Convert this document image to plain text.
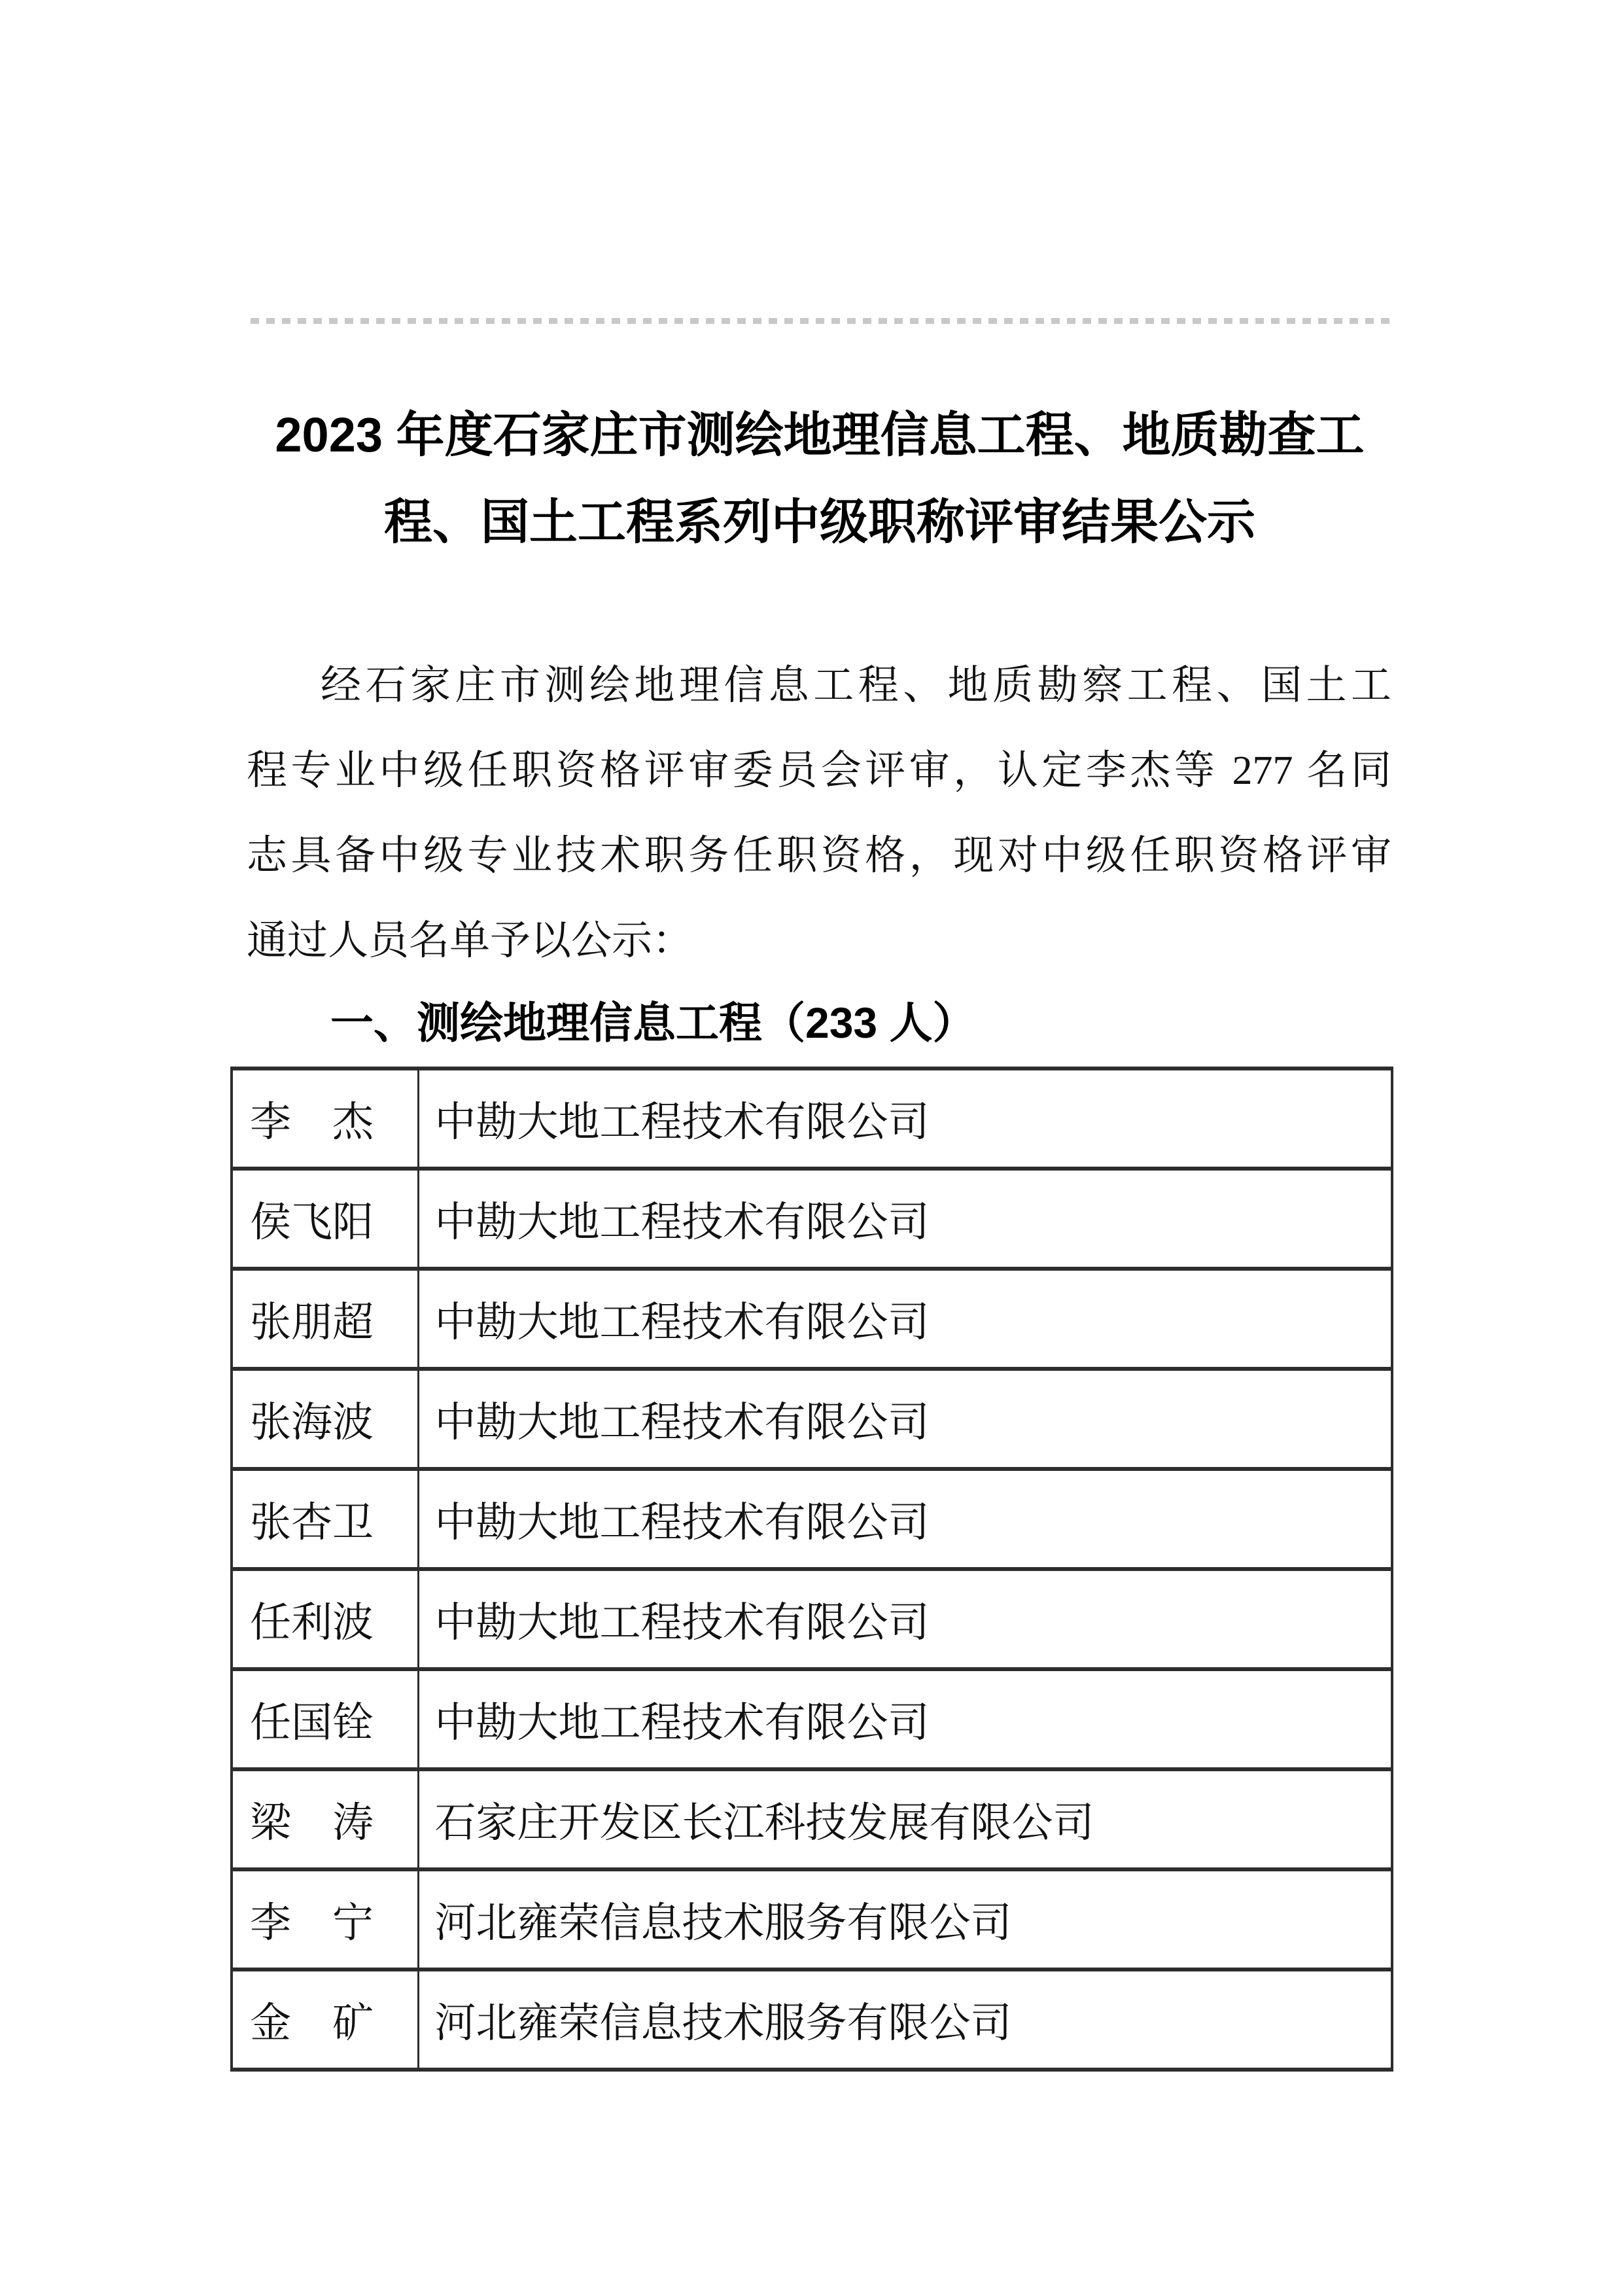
2023 年度石家庄市测绘地理信息工程、地质勘查工
程、国土工程系列中级职称评审结果公示
经石家庄市测绘地理信息工程、地质勘察工程、国土工
程专业中级任职资格评审委员会评审，认定李杰等 277 名同
志具备中级专业技术职务任职资格，现对中级任职资格评审
通过人员名单予以公示：
一、测绘地理信息工程（233 人）
李　杰	中勘大地工程技术有限公司
侯飞阳	中勘大地工程技术有限公司
张朋超	中勘大地工程技术有限公司
张海波	中勘大地工程技术有限公司
张杏卫	中勘大地工程技术有限公司
任利波	中勘大地工程技术有限公司
任国铨	中勘大地工程技术有限公司
梁　涛	石家庄开发区长江科技发展有限公司
李　宁	河北雍荣信息技术服务有限公司
金　矿	河北雍荣信息技术服务有限公司
